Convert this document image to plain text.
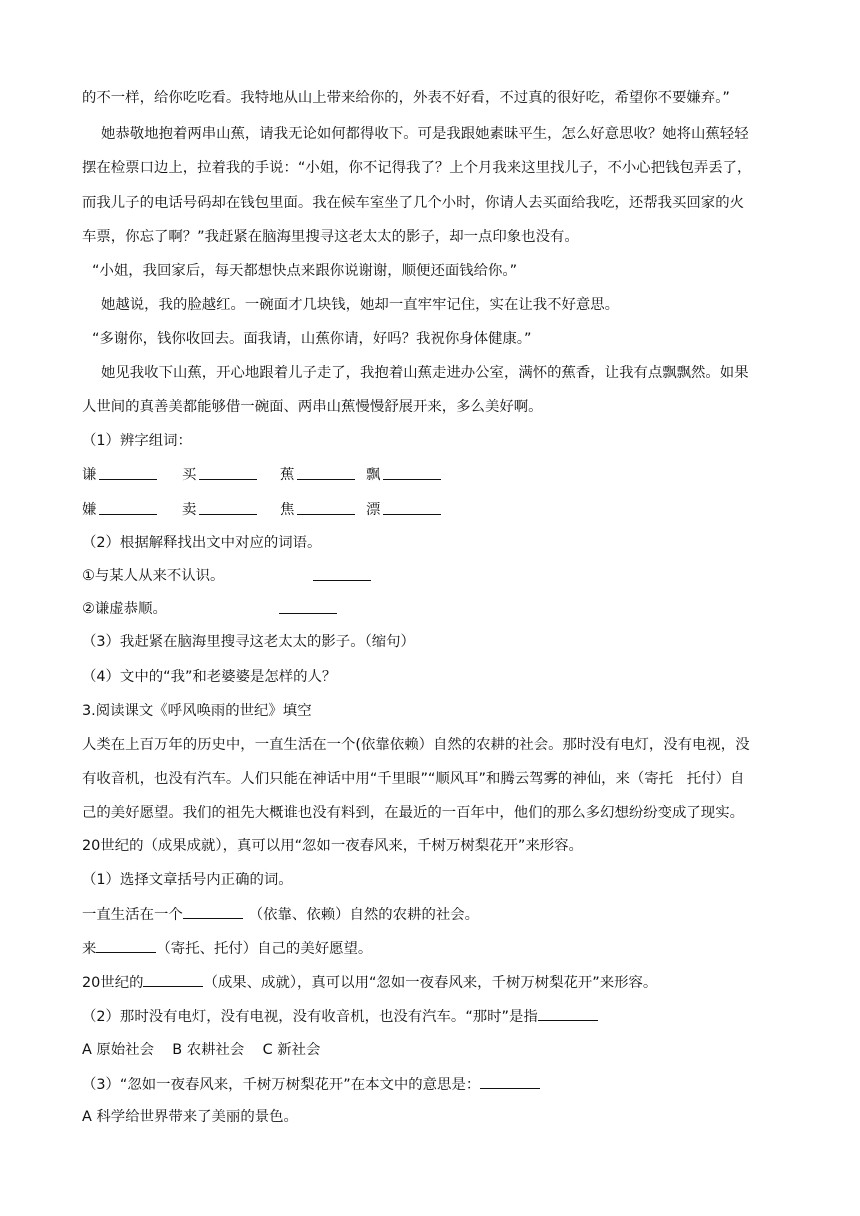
的不一样，给你吃吃看。我特地从山上带来给你的，外表不好看，不过真的很好吃，希望你不要嫌弃。”
她恭敬地抱着两串山蕉，请我无论如何都得收下。可是我跟她素昧平生，怎么好意思收？她将山蕉轻轻
摆在检票口边上，拉着我的手说：“小姐，你不记得我了？上个月我来这里找儿子，不小心把钱包弄丢了，
而我儿子的电话号码却在钱包里面。我在候车室坐了几个小时，你请人去买面给我吃，还帮我买回家的火
车票，你忘了啊？”我赶紧在脑海里搜寻这老太太的影子，却一点印象也没有。
“小姐，我回家后，每天都想快点来跟你说谢谢，顺便还面钱给你。”
她越说，我的脸越红。一碗面才几块钱，她却一直牢牢记住，实在让我不好意思。
“多谢你，钱你收回去。面我请，山蕉你请，好吗？我祝你身体健康。”
她见我收下山蕉，开心地跟着儿子走了，我抱着山蕉走进办公室，满怀的蕉香，让我有点飘飘然。如果
人世间的真善美都能够借一碗面、两串山蕉慢慢舒展开来，多么美好啊。
（1）辨字组词：
谦	买	蕉	飘
嫌	卖	焦	漂
（2）根据解释找出文中对应的词语。
①与某人从来不认识。
②谦虚恭顺。
（3）我赶紧在脑海里搜寻这老太太的影子。（缩句）
（4）文中的“我”和老婆婆是怎样的人？
3.阅读课文《呼风唤雨的世纪》填空
人类在上百万年的历史中，一直生活在一个(依靠依赖）自然的农耕的社会。那时没有电灯，没有电视，没
有收音机，也没有汽车。人们只能在神话中用“千里眼”“顺风耳”和腾云驾雾的神仙，来（寄托   托付）自
己的美好愿望。我们的祖先大概谁也没有料到，在最近的一百年中，他们的那么多幻想纷纷变成了现实。
20世纪的（成果成就），真可以用“忽如一夜春风来，千树万树梨花开”来形容。
（1）选择文章括号内正确的词。
一直生活在一个	（依靠、依赖）自然的农耕的社会。
来	（寄托、托付）自己的美好愿望。
20世纪的	（成果、成就），真可以用“忽如一夜春风来，千树万树梨花开”来形容。
（2）那时没有电灯，没有电视，没有收音机，也没有汽车。“那时”是指
A 原始社会    B 农耕社会    C 新社会
（3）“忽如一夜春风来，千树万树梨花开”在本文中的意思是：
A 科学给世界带来了美丽的景色。
